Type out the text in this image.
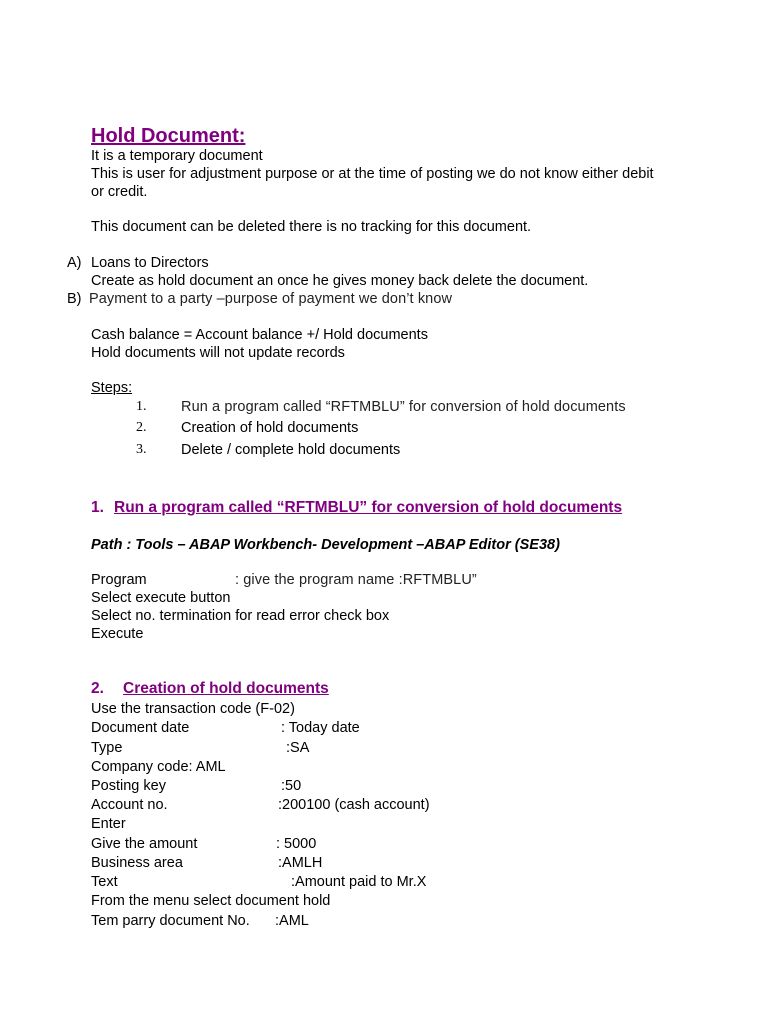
Hold Document:
It is a temporary document
This is user for adjustment purpose or at the time of posting we do not know either debit
or credit.
This document can be deleted there is no tracking for this document.
A) Loans to Directors
Create as hold document an once he gives money back delete the document.
B) Payment to a party –purpose of payment we don’t know
Cash balance = Account balance +/ Hold documents
Hold documents will not update records
Steps:
1. Run a program called “RFTMBLU” for conversion of hold documents
2. Creation of hold documents
3. Delete / complete hold documents
1. Run a program called “RFTMBLU” for conversion of hold documents
Path : Tools – ABAP Workbench- Development –ABAP Editor (SE38)
Program	: give the program name :RFTMBLU”
Select execute button
Select no. termination for read error check box
Execute
2. Creation of hold documents
Use the transaction code (F-02)
Document date	: Today date
Type	:SA
Company code: AML
Posting key	:50
Account no.	:200100 (cash account)
Enter
Give the amount	: 5000
Business area	:AMLH
Text	:Amount paid to Mr.X
From the menu select document hold
Tem parry document No. :AML
